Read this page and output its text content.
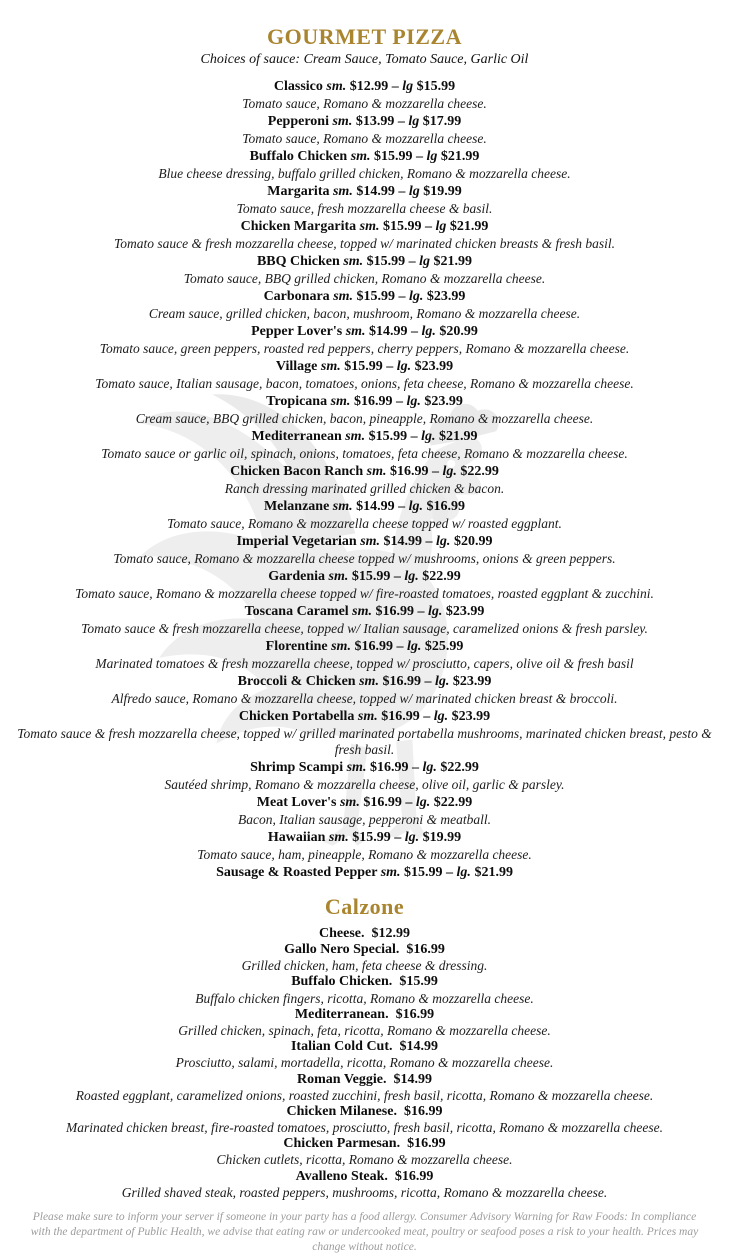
GOURMET PIZZA
Choices of sauce: Cream Sauce, Tomato Sauce, Garlic Oil
Classico sm. $12.99 – lg $15.99
Tomato sauce, Romano & mozzarella cheese.
Pepperoni sm. $13.99 – lg $17.99
Tomato sauce, Romano & mozzarella cheese.
Buffalo Chicken sm. $15.99 – lg $21.99
Blue cheese dressing, buffalo grilled chicken, Romano & mozzarella cheese.
Margarita sm. $14.99 – lg $19.99
Tomato sauce, fresh mozzarella cheese & basil.
Chicken Margarita sm. $15.99 – lg $21.99
Tomato sauce & fresh mozzarella cheese, topped w/ marinated chicken breasts & fresh basil.
BBQ Chicken sm. $15.99 – lg $21.99
Tomato sauce, BBQ grilled chicken, Romano & mozzarella cheese.
Carbonara sm. $15.99 – lg. $23.99
Cream sauce, grilled chicken, bacon, mushroom, Romano & mozzarella cheese.
Pepper Lover's sm. $14.99 – lg. $20.99
Tomato sauce, green peppers, roasted red peppers, cherry peppers, Romano & mozzarella cheese.
Village sm. $15.99 – lg. $23.99
Tomato sauce, Italian sausage, bacon, tomatoes, onions, feta cheese, Romano & mozzarella cheese.
Tropicana sm. $16.99 – lg. $23.99
Cream sauce, BBQ grilled chicken, bacon, pineapple, Romano & mozzarella cheese.
Mediterranean sm. $15.99 – lg. $21.99
Tomato sauce or garlic oil, spinach, onions, tomatoes, feta cheese, Romano & mozzarella cheese.
Chicken Bacon Ranch sm. $16.99 – lg. $22.99
Ranch dressing marinated grilled chicken & bacon.
Melanzane sm. $14.99 – lg. $16.99
Tomato sauce, Romano & mozzarella cheese topped w/ roasted eggplant.
Imperial Vegetarian sm. $14.99 – lg. $20.99
Tomato sauce, Romano & mozzarella cheese topped w/ mushrooms, onions & green peppers.
Gardenia sm. $15.99 – lg. $22.99
Tomato sauce, Romano & mozzarella cheese topped w/ fire-roasted tomatoes, roasted eggplant & zucchini.
Toscana Caramel sm. $16.99 – lg. $23.99
Tomato sauce & fresh mozzarella cheese, topped w/ Italian sausage, caramelized onions & fresh parsley.
Florentine sm. $16.99 – lg. $25.99
Marinated tomatoes & fresh mozzarella cheese, topped w/ prosciutto, capers, olive oil & fresh basil
Broccoli & Chicken sm. $16.99 – lg. $23.99
Alfredo sauce, Romano & mozzarella cheese, topped w/ marinated chicken breast & broccoli.
Chicken Portabella sm. $16.99 – lg. $23.99
Tomato sauce & fresh mozzarella cheese, topped w/ grilled marinated portabella mushrooms, marinated chicken breast, pesto & fresh basil.
Shrimp Scampi sm. $16.99 – lg. $22.99
Sautéed shrimp, Romano & mozzarella cheese, olive oil, garlic & parsley.
Meat Lover's sm. $16.99 – lg. $22.99
Bacon, Italian sausage, pepperoni & meatball.
Hawaiian sm. $15.99 – lg. $19.99
Tomato sauce, ham, pineapple, Romano & mozzarella cheese.
Sausage & Roasted Pepper sm. $15.99 – lg. $21.99
Calzone
Cheese. $12.99
Gallo Nero Special. $16.99
Grilled chicken, ham, feta cheese & dressing.
Buffalo Chicken. $15.99
Buffalo chicken fingers, ricotta, Romano & mozzarella cheese.
Mediterranean. $16.99
Grilled chicken, spinach, feta, ricotta, Romano & mozzarella cheese.
Italian Cold Cut. $14.99
Prosciutto, salami, mortadella, ricotta, Romano & mozzarella cheese.
Roman Veggie. $14.99
Roasted eggplant, caramelized onions, roasted zucchini, fresh basil, ricotta, Romano & mozzarella cheese.
Chicken Milanese. $16.99
Marinated chicken breast, fire-roasted tomatoes, prosciutto, fresh basil, ricotta, Romano & mozzarella cheese.
Chicken Parmesan. $16.99
Chicken cutlets, ricotta, Romano & mozzarella cheese.
Avalleno Steak. $16.99
Grilled shaved steak, roasted peppers, mushrooms, ricotta, Romano & mozzarella cheese.
Please make sure to inform your server if someone in your party has a food allergy. Consumer Advisory Warning for Raw Foods: In compliance with the department of Public Health, we advise that eating raw or undercooked meat, poultry or seafood poses a risk to your health. Prices may change without notice.
